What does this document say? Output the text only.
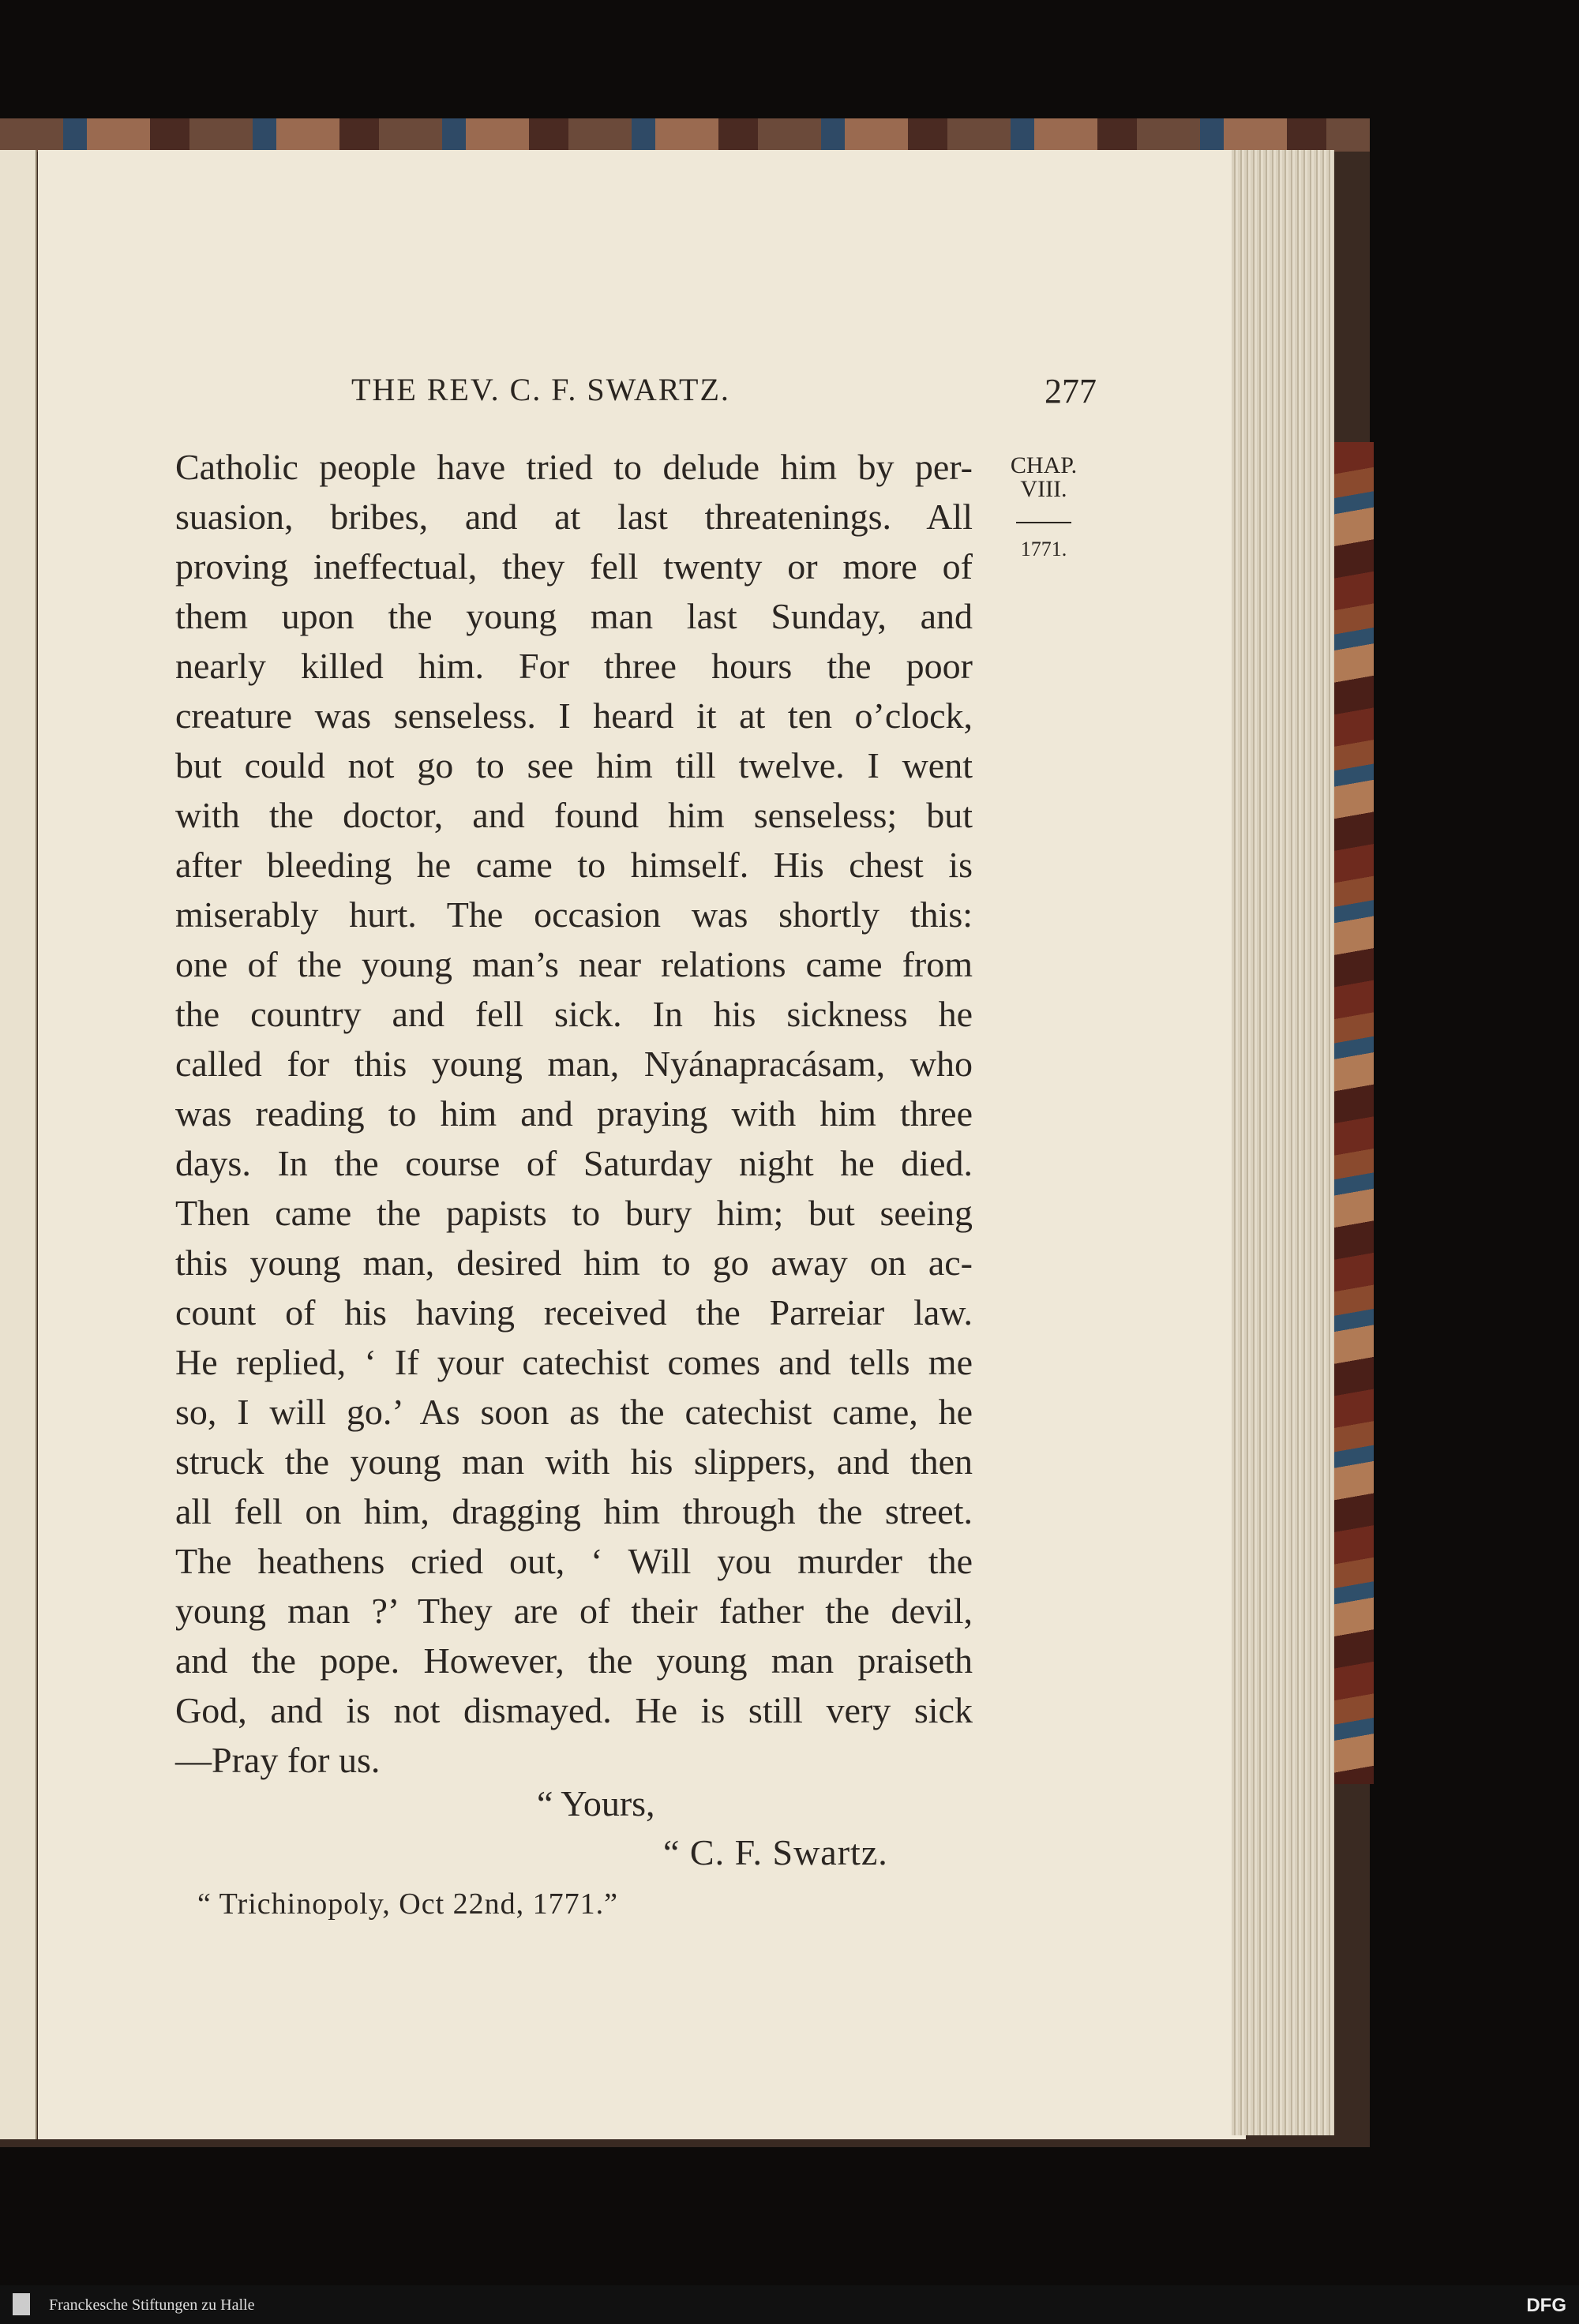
THE REV. C. F. SWARTZ.	277
CHAP.
VIII.
1771.
Catholic people have tried to delude him by per-
suasion, bribes, and at last threatenings. All
proving ineffectual, they fell twenty or more of
them upon the young man last Sunday, and
nearly killed him. For three hours the poor
creature was senseless. I heard it at ten o’clock,
but could not go to see him till twelve. I went
with the doctor, and found him senseless; but
after bleeding he came to himself. His chest is
miserably hurt. The occasion was shortly this:
one of the young man’s near relations came from
the country and fell sick. In his sickness he
called for this young man, Nyánapracásam, who
was reading to him and praying with him three
days. In the course of Saturday night he died.
Then came the papists to bury him; but seeing
this young man, desired him to go away on ac-
count of his having received the Parreiar law.
He replied, ‘ If your catechist comes and tells me
so, I will go.’ As soon as the catechist came, he
struck the young man with his slippers, and then
all fell on him, dragging him through the street.
The heathens cried out, ‘ Will you murder the
young man ?’ They are of their father the devil,
and the pope. However, the young man praiseth
God, and is not dismayed. He is still very sick
—Pray for us.
“ Yours,
“ C. F. Swartz.
“ Trichinopoly, Oct 22nd, 1771.”
Franckesche Stiftungen zu Halle	DFG
